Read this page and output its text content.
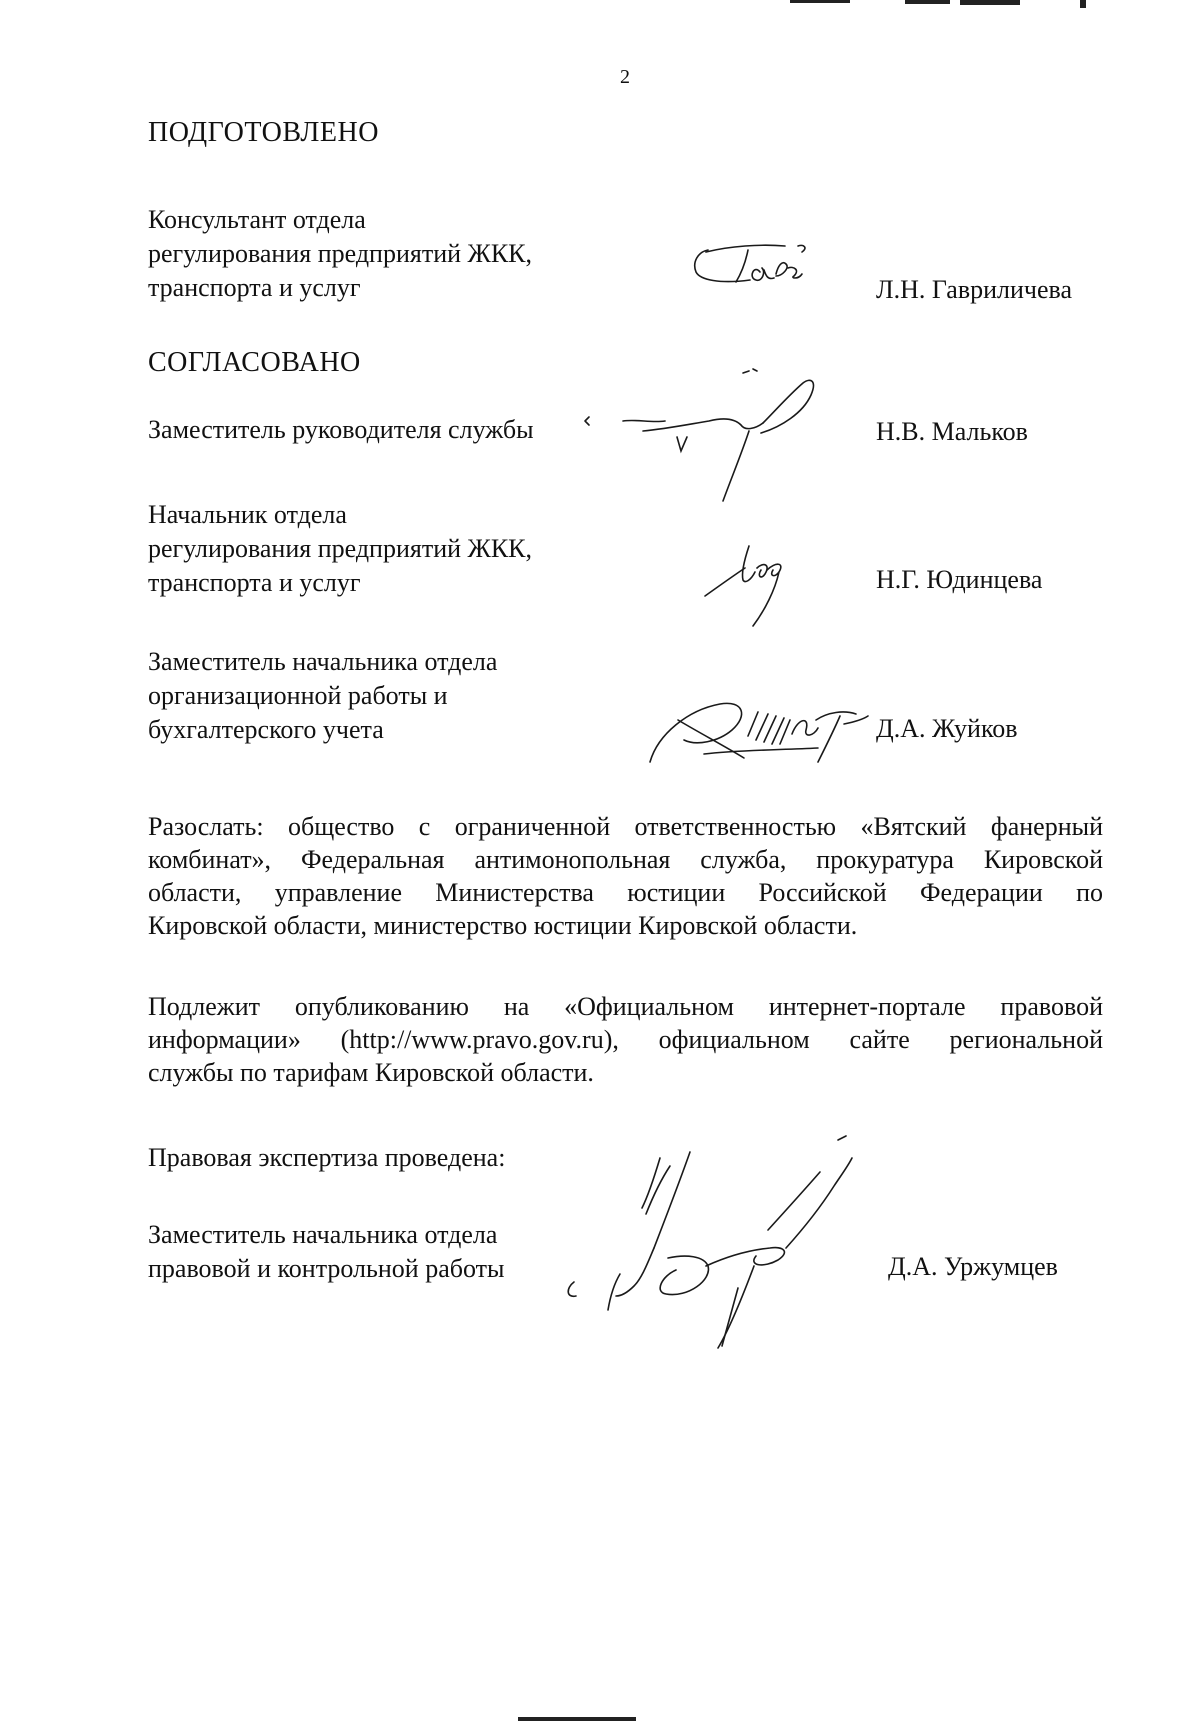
2
ПОДГОТОВЛЕНО
Консультант отдела
регулирования предприятий ЖКК,
транспорта и услуг	Л.Н. Гавриличева
СОГЛАСОВАНО
Заместитель руководителя службы	Н.В. Мальков
Начальник отдела
регулирования предприятий ЖКК,
транспорта и услуг	Н.Г. Юдинцева
Заместитель начальника отдела
организационной работы и
бухгалтерского учета	Д.А. Жуйков
Разослать: общество с ограниченной ответственностью «Вятский фанерный
комбинат», Федеральная антимонопольная служба, прокуратура Кировской
области, управление Министерства юстиции Российской Федерации по
Кировской области, министерство юстиции Кировской области.
Подлежит опубликованию на «Официальном интернет-портале правовой
информации» (http://www.pravo.gov.ru), официальном сайте региональной
службы по тарифам Кировской области.
Правовая экспертиза проведена:
Заместитель начальника отдела
правовой и контрольной работы	Д.А. Уржумцев
